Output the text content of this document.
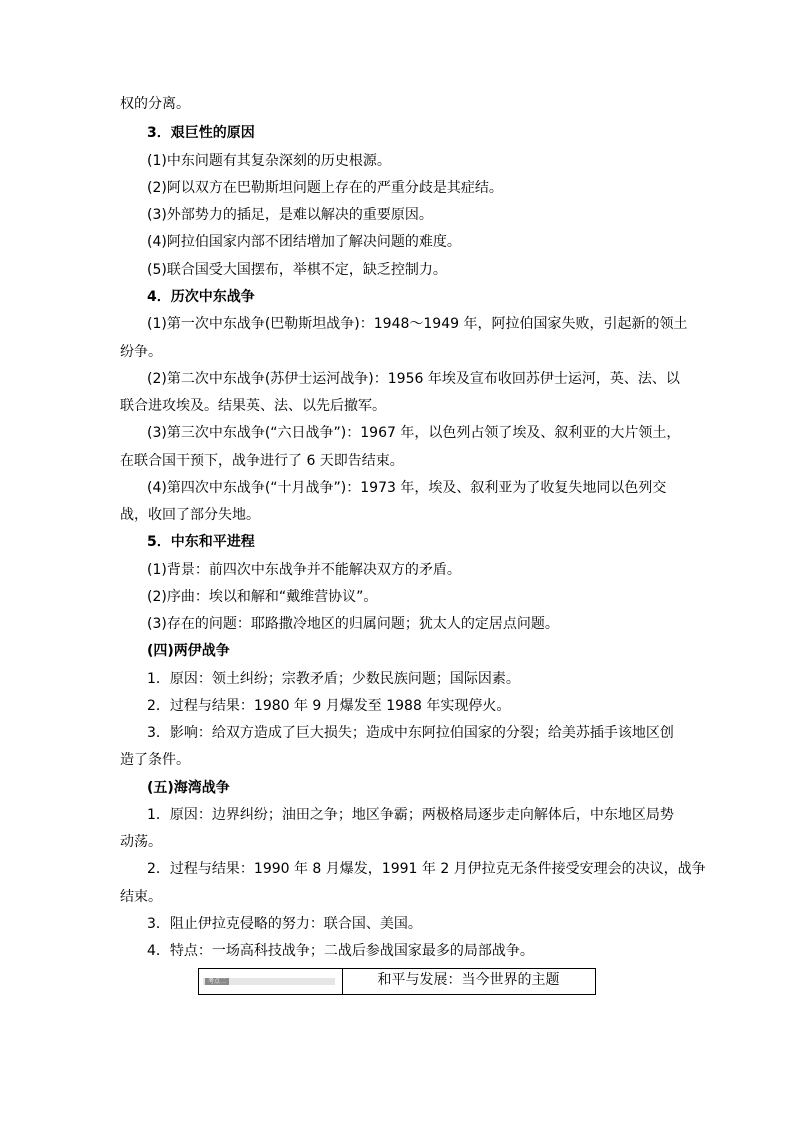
权的分离。
3．艰巨性的原因
(1)中东问题有其复杂深刻的历史根源。
(2)阿以双方在巴勒斯坦问题上存在的严重分歧是其症结。
(3)外部势力的插足，是难以解决的重要原因。
(4)阿拉伯国家内部不团结增加了解决问题的难度。
(5)联合国受大国摆布，举棋不定，缺乏控制力。
4．历次中东战争
(1)第一次中东战争(巴勒斯坦战争)：1948～1949 年，阿拉伯国家失败，引起新的领土
纷争。
(2)第二次中东战争(苏伊士运河战争)：1956 年埃及宣布收回苏伊士运河，英、法、以
联合进攻埃及。结果英、法、以先后撤军。
(3)第三次中东战争(“六日战争”)：1967 年，以色列占领了埃及、叙利亚的大片领土，
在联合国干预下，战争进行了 6 天即告结束。
(4)第四次中东战争(“十月战争”)：1973 年，埃及、叙利亚为了收复失地同以色列交
战，收回了部分失地。
5．中东和平进程
(1)背景：前四次中东战争并不能解决双方的矛盾。
(2)序曲：埃以和解和“戴维营协议”。
(3)存在的问题：耶路撒冷地区的归属问题；犹太人的定居点问题。
(四)两伊战争
1．原因：领土纠纷；宗教矛盾；少数民族问题；国际因素。
2．过程与结果：1980 年 9 月爆发至 1988 年实现停火。
3．影响：给双方造成了巨大损失；造成中东阿拉伯国家的分裂；给美苏插手该地区创
造了条件。
(五)海湾战争
1．原因：边界纠纷；油田之争；地区争霸；两极格局逐步走向解体后，中东地区局势
动荡。
2．过程与结果：1990 年 8 月爆发，1991 年 2 月伊拉克无条件接受安理会的决议，战争
结束。
3．阻止伊拉克侵略的努力：联合国、美国。
4．特点：一场高科技战争；二战后参战国家最多的局部战争。
考点二	和平与发展：当今世界的主题
